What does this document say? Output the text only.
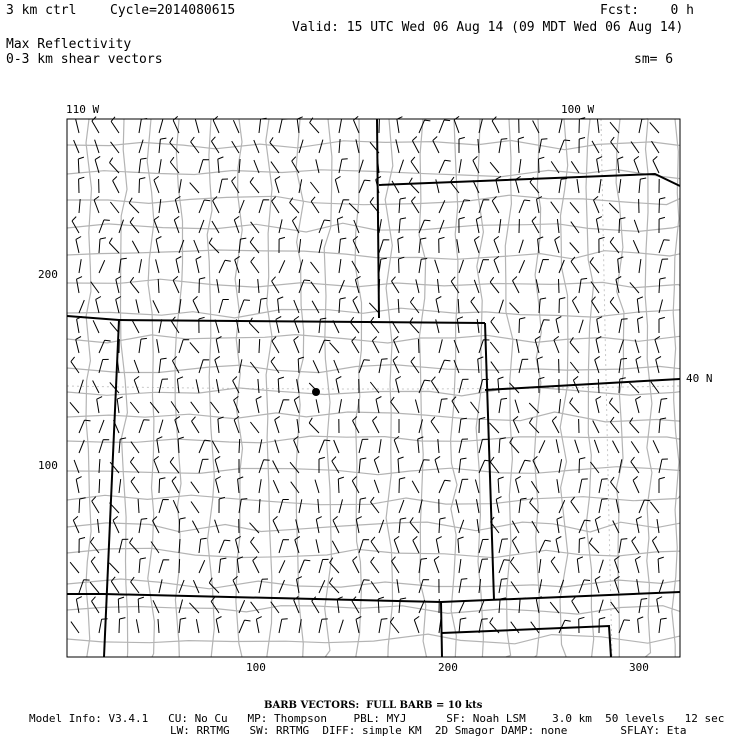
3 km ctrl	Cycle=2014080615	Fcst:    0 h
Valid: 15 UTC Wed 06 Aug 14 (09 MDT Wed 06 Aug 14)
Max Reflectivity
0-3 km shear vectors	sm= 6
110 W	100 W
40 N
200
100
100	200	300
BARB VECTORS:  FULL BARB = 10 kts
Model Info: V3.4.1   CU: No Cu   MP: Thompson    PBL: MYJ      SF: Noah LSM    3.0 km  50 levels   12 sec
LW: RRTMG   SW: RRTMG  DIFF: simple KM  2D Smagor DAMP: none        SFLAY: Eta
